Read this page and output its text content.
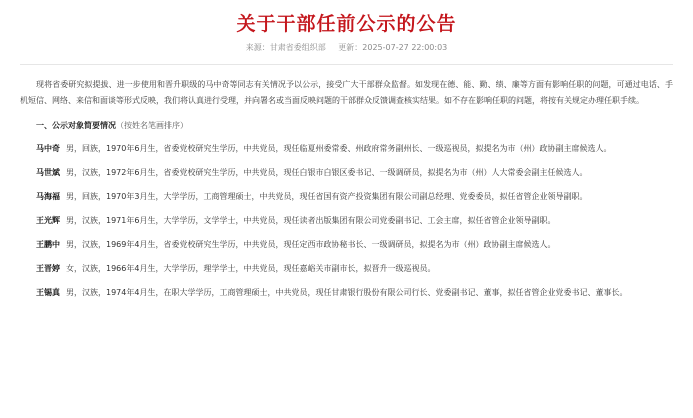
关于干部任前公示的公告
来源：甘肃省委组织部 更新：2025-07-27 22:00:03

现将省委研究拟提拔、进一步使用和晋升职级的马中奇等同志有关情况予以公示，接受广大干部群众监督。如发现在德、能、勤、绩、廉等方面有影响任职的问题，可通过电话、手机短信、网络、来信和面谈等形式反映，我们将认真进行受理，并向署名或当面反映问题的干部群众反馈调查核实结果。如不存在影响任职的问题，将按有关规定办理任职手续。

一、公示对象简要情况（按姓名笔画排序）

马中奇 男，回族，1970年6月生，省委党校研究生学历，中共党员，现任临夏州委常委、州政府常务副州长、一级巡视员，拟提名为市（州）政协副主席候选人。

马世斌 男，汉族，1972年6月生，省委党校研究生学历，中共党员，现任白银市白银区委书记、一级调研员，拟提名为市（州）人大常委会副主任候选人。

马海福 男，回族，1970年3月生，大学学历，工商管理硕士，中共党员，现任省国有资产投资集团有限公司副总经理、党委委员，拟任省管企业领导副职。

王光辉 男，汉族，1971年6月生，大学学历，文学学士，中共党员，现任读者出版集团有限公司党委副书记、工会主席，拟任省管企业领导副职。

王鹏中 男，汉族，1969年4月生，省委党校研究生学历，中共党员，现任定西市政协秘书长、一级调研员，拟提名为市（州）政协副主席候选人。

王晋婷 女，汉族，1966年4月生，大学学历，理学学士，中共党员，现任嘉峪关市副市长，拟晋升一级巡视员。

王锡真 男，汉族，1974年4月生，在职大学学历，工商管理硕士，中共党员，现任甘肃银行股份有限公司行长、党委副书记、董事，拟任省管企业党委书记、董事长。
